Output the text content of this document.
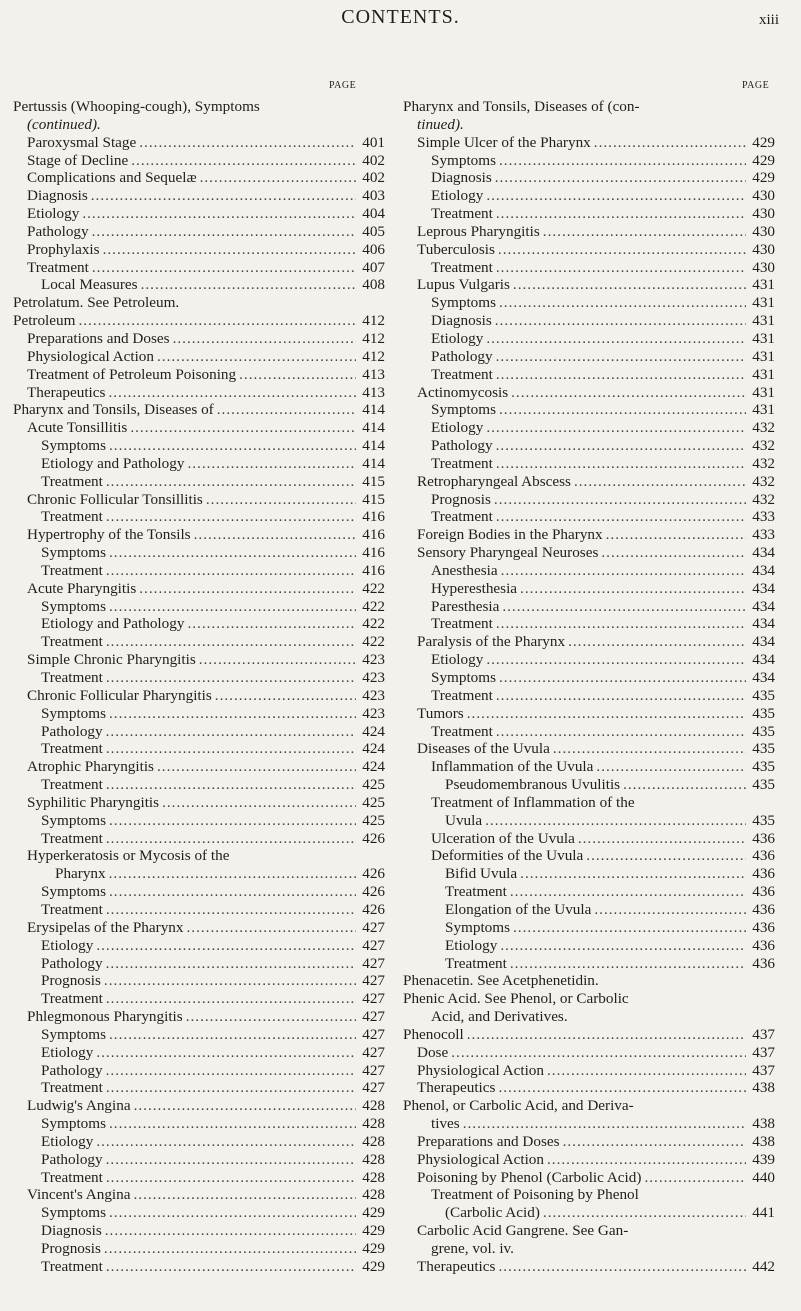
CONTENTS.	xiii
PAGE	PAGE
Pertussis (Whooping-cough), Symptoms
(continued).
Paroxysmal Stage .....	401
Stage of Decline .....	402
Complications and Sequelæ .....	402
Diagnosis .....	403
Etiology .....	404
Pathology .....	405
Prophylaxis .....	406
Treatment .....	407
Local Measures .....	408
Petrolatum. See Petroleum.
Petroleum .....	412
Preparations and Doses .....	412
Physiological Action .....	412
Treatment of Petroleum Poisoning .....	413
Therapeutics .....	413
Pharynx and Tonsils, Diseases of .....	414
Acute Tonsillitis .....	414
Symptoms .....	414
Etiology and Pathology .....	414
Treatment .....	415
Chronic Follicular Tonsillitis .....	415
Treatment .....	416
Hypertrophy of the Tonsils .....	416
Symptoms .....	416
Treatment .....	416
Acute Pharyngitis .....	422
Symptoms .....	422
Etiology and Pathology .....	422
Treatment .....	422
Simple Chronic Pharyngitis .....	423
Treatment .....	423
Chronic Follicular Pharyngitis .....	423
Symptoms .....	423
Pathology .....	424
Treatment .....	424
Atrophic Pharyngitis .....	424
Treatment .....	425
Syphilitic Pharyngitis .....	425
Symptoms .....	425
Treatment .....	426
Hyperkeratosis or Mycosis of the
Pharynx .....	426
Symptoms .....	426
Treatment .....	426
Erysipelas of the Pharynx .....	427
Etiology .....	427
Pathology .....	427
Prognosis .....	427
Treatment .....	427
Phlegmonous Pharyngitis .....	427
Symptoms .....	427
Etiology .....	427
Pathology .....	427
Treatment .....	427
Ludwig's Angina .....	428
Symptoms .....	428
Etiology .....	428
Pathology .....	428
Treatment .....	428
Vincent's Angina .....	428
Symptoms .....	429
Diagnosis .....	429
Prognosis .....	429
Treatment .....	429
Pharynx and Tonsils, Diseases of (con-
tinued).
Simple Ulcer of the Pharynx .....	429
Symptoms .....	429
Diagnosis .....	429
Etiology .....	430
Treatment .....	430
Leprous Pharyngitis .....	430
Tuberculosis .....	430
Treatment .....	430
Lupus Vulgaris .....	431
Symptoms .....	431
Diagnosis .....	431
Etiology .....	431
Pathology .....	431
Treatment .....	431
Actinomycosis .....	431
Symptoms .....	431
Etiology .....	432
Pathology .....	432
Treatment .....	432
Retropharyngeal Abscess .....	432
Prognosis .....	432
Treatment .....	433
Foreign Bodies in the Pharynx .....	433
Sensory Pharyngeal Neuroses .....	434
Anesthesia .....	434
Hyperesthesia .....	434
Paresthesia .....	434
Treatment .....	434
Paralysis of the Pharynx .....	434
Etiology .....	434
Symptoms .....	434
Treatment .....	435
Tumors .....	435
Treatment .....	435
Diseases of the Uvula .....	435
Inflammation of the Uvula .....	435
Pseudomembranous Uvulitis .....	435
Treatment of Inflammation of the
Uvula .....	435
Ulceration of the Uvula .....	436
Deformities of the Uvula .....	436
Bifid Uvula .....	436
Treatment .....	436
Elongation of the Uvula .....	436
Symptoms .....	436
Etiology .....	436
Treatment .....	436
Phenacetin. See Acetphenetidin.
Phenic Acid. See Phenol, or Carbolic
Acid, and Derivatives.
Phenocoll .....	437
Dose .....	437
Physiological Action .....	437
Therapeutics .....	438
Phenol, or Carbolic Acid, and Deriva-
tives .....	438
Preparations and Doses .....	438
Physiological Action .....	439
Poisoning by Phenol (Carbolic Acid) .....	440
Treatment of Poisoning by Phenol
(Carbolic Acid) .....	441
Carbolic Acid Gangrene. See Gan-
grene, vol. iv.
Therapeutics .....	442
